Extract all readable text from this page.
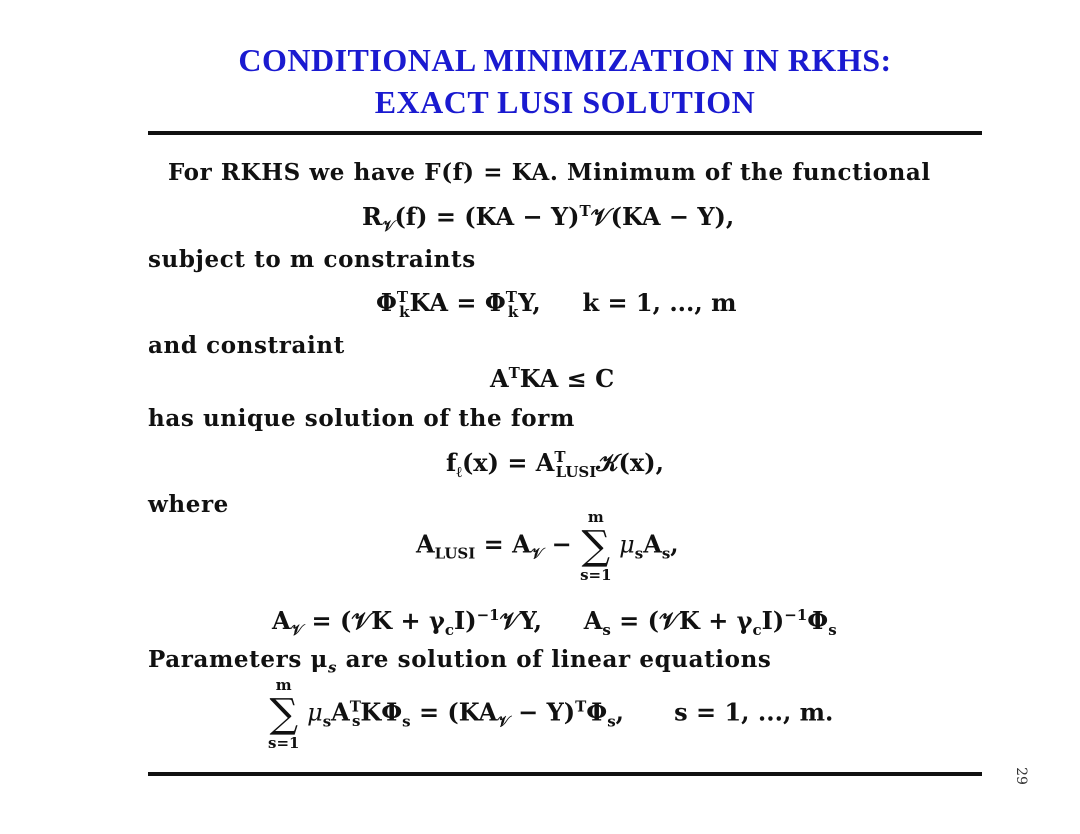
CONDITIONAL MINIMIZATION IN RKHS:
EXACT LUSI SOLUTION
For RKHS we have F(f) = KA. Minimum of the functional
$R_𝒱(f) = (KA$ − Y)$^T$𝒱(KA − Y),
subject to m constraints
$\Phi^T_kKA = \Phi^T_kY$,     k = 1, ..., m
and constraint
$A^TKA \le C$
has unique solution of the form
$f_\ell(x)$ = $A^T_{LUSI}𝒦(x)$,
where
$A_{LUSI} = A_𝒱$ −
m
∑
s=1
$\mu_sA_s$,
$A_𝒱$ = (𝒱K + $\gamma_cI)^{-1}𝒱Y$,     $A_s$ = (𝒱K + $\gamma_cI)^{-1}\Phi_s$
Parameters $\mu_s$ are solution of linear equations
m
∑
s=1
$\mu_sA^T_sK\Phi_s = (KA_𝒱 - Y)^T\Phi_s$,      s = 1, ..., m.
29
